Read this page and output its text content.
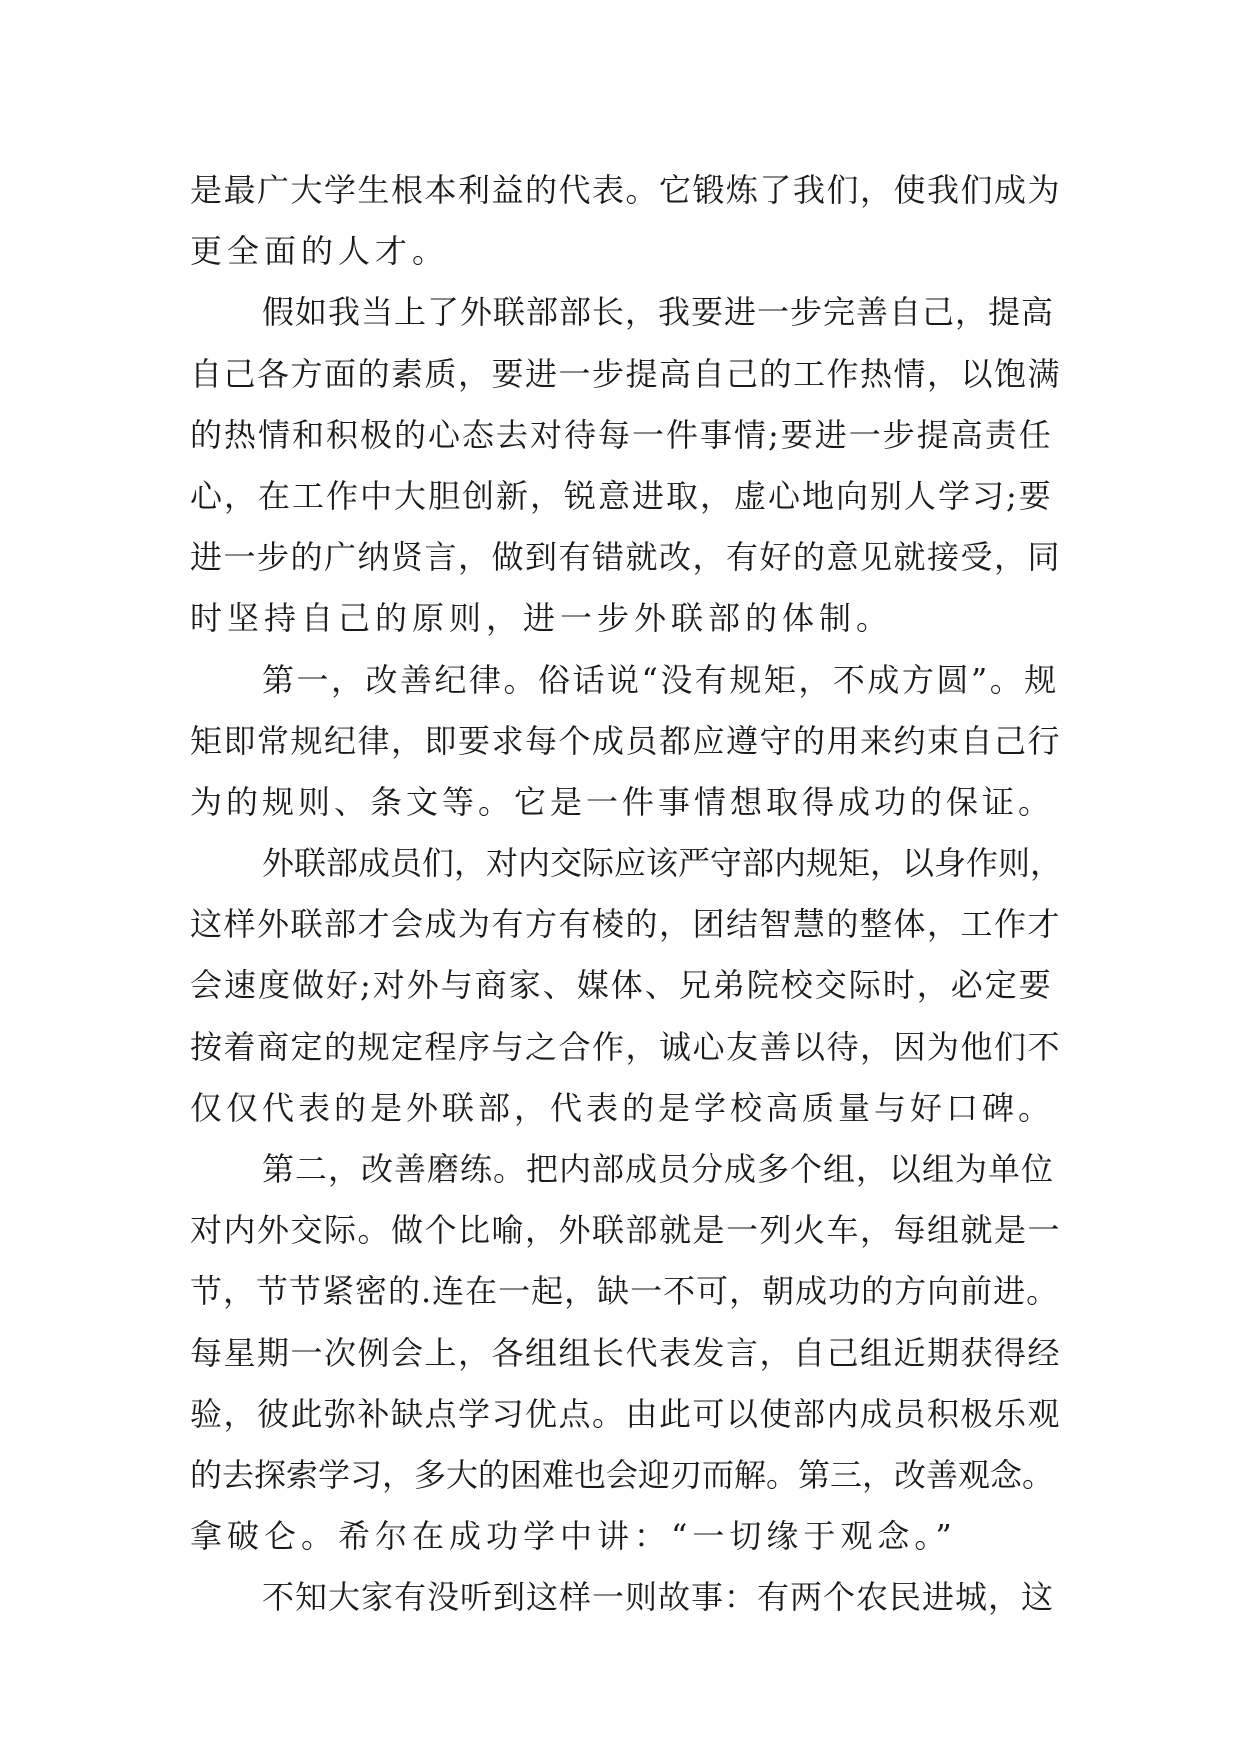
是最广大学生根本利益的代表。它锻炼了我们，使我们成为
更全面的人才。
假如我当上了外联部部长，我要进一步完善自己，提高
自己各方面的素质，要进一步提高自己的工作热情，以饱满
的热情和积极的心态去对待每一件事情;要进一步提高责任
心，在工作中大胆创新，锐意进取，虚心地向别人学习;要
进一步的广纳贤言，做到有错就改，有好的意见就接受，同
时坚持自己的原则，进一步外联部的体制。
第一，改善纪律。俗话说“没有规矩，不成方圆”。规
矩即常规纪律，即要求每个成员都应遵守的用来约束自己行
为的规则、条文等。它是一件事情想取得成功的保证。
外联部成员们，对内交际应该严守部内规矩，以身作则，
这样外联部才会成为有方有棱的，团结智慧的整体，工作才
会速度做好;对外与商家、媒体、兄弟院校交际时，必定要
按着商定的规定程序与之合作，诚心友善以待，因为他们不
仅仅代表的是外联部，代表的是学校高质量与好口碑。
第二，改善磨练。把内部成员分成多个组，以组为单位
对内外交际。做个比喻，外联部就是一列火车，每组就是一
节，节节紧密的.连在一起，缺一不可，朝成功的方向前进。
每星期一次例会上，各组组长代表发言，自己组近期获得经
验，彼此弥补缺点学习优点。由此可以使部内成员积极乐观
的去探索学习，多大的困难也会迎刃而解。第三，改善观念。
拿破仑。希尔在成功学中讲：“一切缘于观念。”
不知大家有没听到这样一则故事：有两个农民进城，这
